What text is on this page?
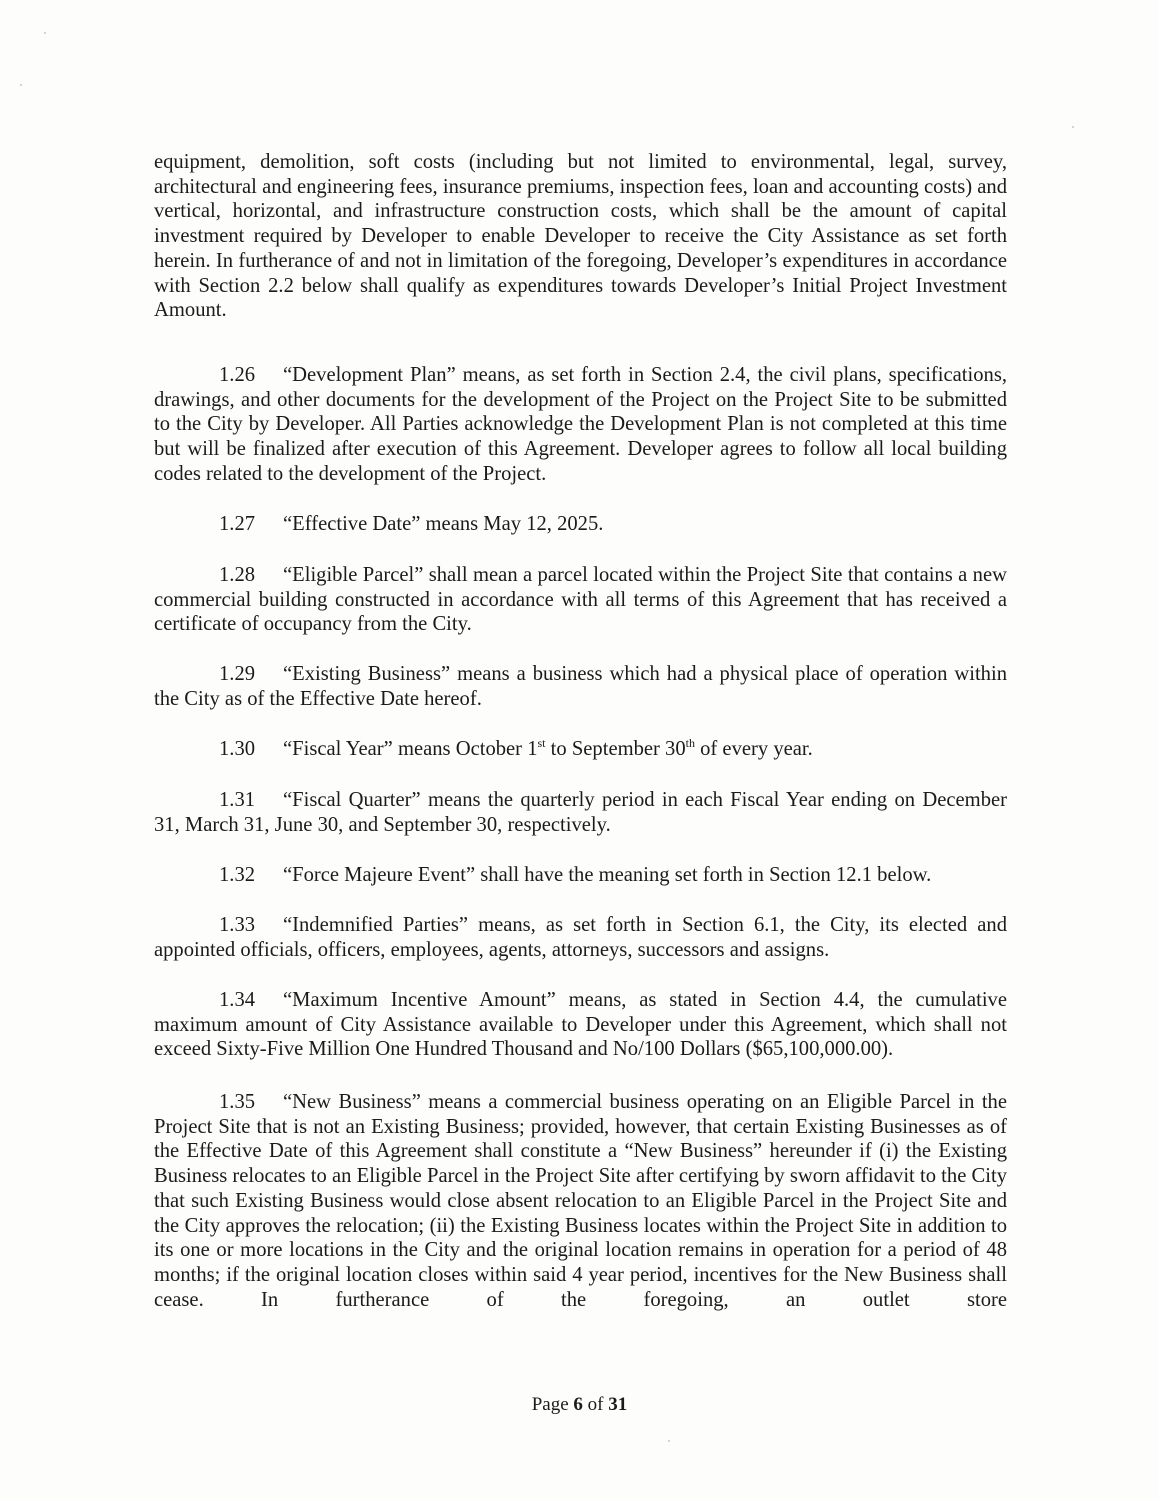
equipment, demolition, soft costs (including but not limited to environmental, legal, survey, architectural and engineering fees, insurance premiums, inspection fees, loan and accounting costs) and vertical, horizontal, and infrastructure construction costs, which shall be the amount of capital investment required by Developer to enable Developer to receive the City Assistance as set forth herein. In furtherance of and not in limitation of the foregoing, Developer’s expenditures in accordance with Section 2.2 below shall qualify as expenditures towards Developer’s Initial Project Investment Amount.

1.26 “Development Plan” means, as set forth in Section 2.4, the civil plans, specifications, drawings, and other documents for the development of the Project on the Project Site to be submitted to the City by Developer. All Parties acknowledge the Development Plan is not completed at this time but will be finalized after execution of this Agreement. Developer agrees to follow all local building codes related to the development of the Project.

1.27 “Effective Date” means May 12, 2025.

1.28 “Eligible Parcel” shall mean a parcel located within the Project Site that contains a new commercial building constructed in accordance with all terms of this Agreement that has received a certificate of occupancy from the City.

1.29 “Existing Business” means a business which had a physical place of operation within the City as of the Effective Date hereof.

1.30 “Fiscal Year” means October 1st to September 30th of every year.

1.31 “Fiscal Quarter” means the quarterly period in each Fiscal Year ending on December 31, March 31, June 30, and September 30, respectively.

1.32 “Force Majeure Event” shall have the meaning set forth in Section 12.1 below.

1.33 “Indemnified Parties” means, as set forth in Section 6.1, the City, its elected and appointed officials, officers, employees, agents, attorneys, successors and assigns.

1.34 “Maximum Incentive Amount” means, as stated in Section 4.4, the cumulative maximum amount of City Assistance available to Developer under this Agreement, which shall not exceed Sixty-Five Million One Hundred Thousand and No/100 Dollars ($65,100,000.00).

1.35 “New Business” means a commercial business operating on an Eligible Parcel in the Project Site that is not an Existing Business; provided, however, that certain Existing Businesses as of the Effective Date of this Agreement shall constitute a “New Business” hereunder if (i) the Existing Business relocates to an Eligible Parcel in the Project Site after certifying by sworn affidavit to the City that such Existing Business would close absent relocation to an Eligible Parcel in the Project Site and the City approves the relocation; (ii) the Existing Business locates within the Project Site in addition to its one or more locations in the City and the original location remains in operation for a period of 48 months; if the original location closes within said 4 year period, incentives for the New Business shall cease. In furtherance of the foregoing, an outlet store

Page 6 of 31
